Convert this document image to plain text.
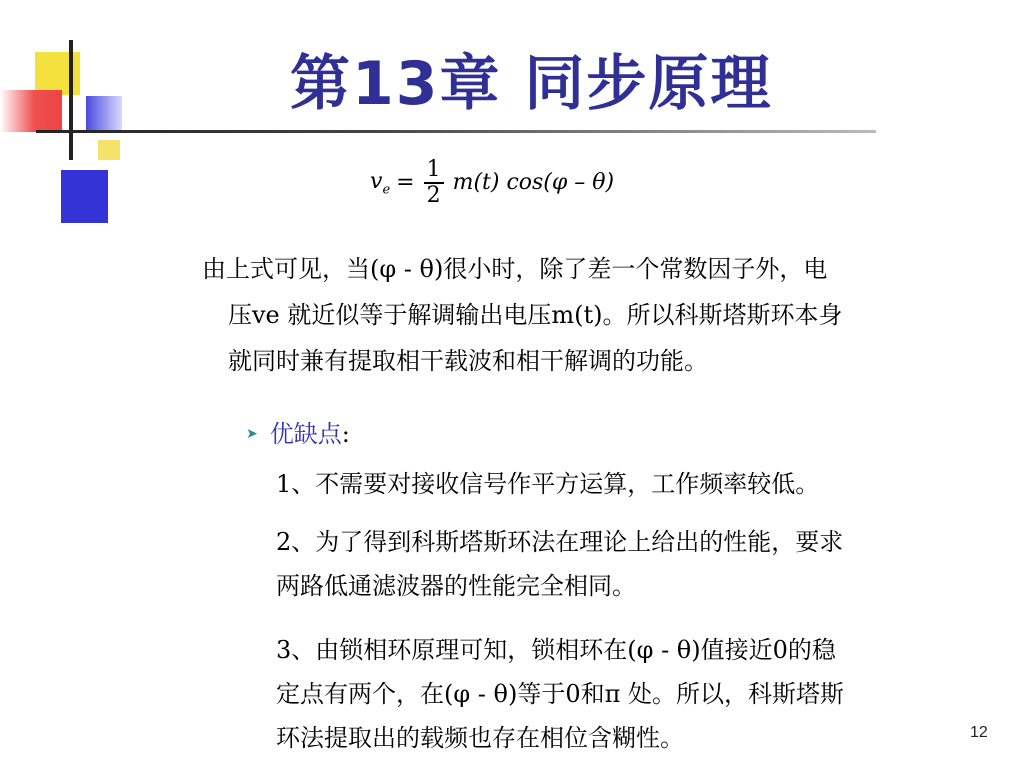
第13章 同步原理
$v_e = \frac{1}{2} m(t)$ cos(φ – θ)
由上式可见，当(φ - θ)很小时，除了差一个常数因子外，电
压ve 就近似等于解调输出电压m(t)。所以科斯塔斯环本身
就同时兼有提取相干载波和相干解调的功能。
➤ 优缺点 :
1、不需要对接收信号作平方运算，工作频率较低。
2、为了得到科斯塔斯环法在理论上给出的性能，要求
两路低通滤波器的性能完全相同。
3、由锁相环原理可知，锁相环在(φ - θ)值接近0的稳
定点有两个，在(φ - θ)等于0和π 处。所以，科斯塔斯
环法提取出的载频也存在相位含糊性。	12
